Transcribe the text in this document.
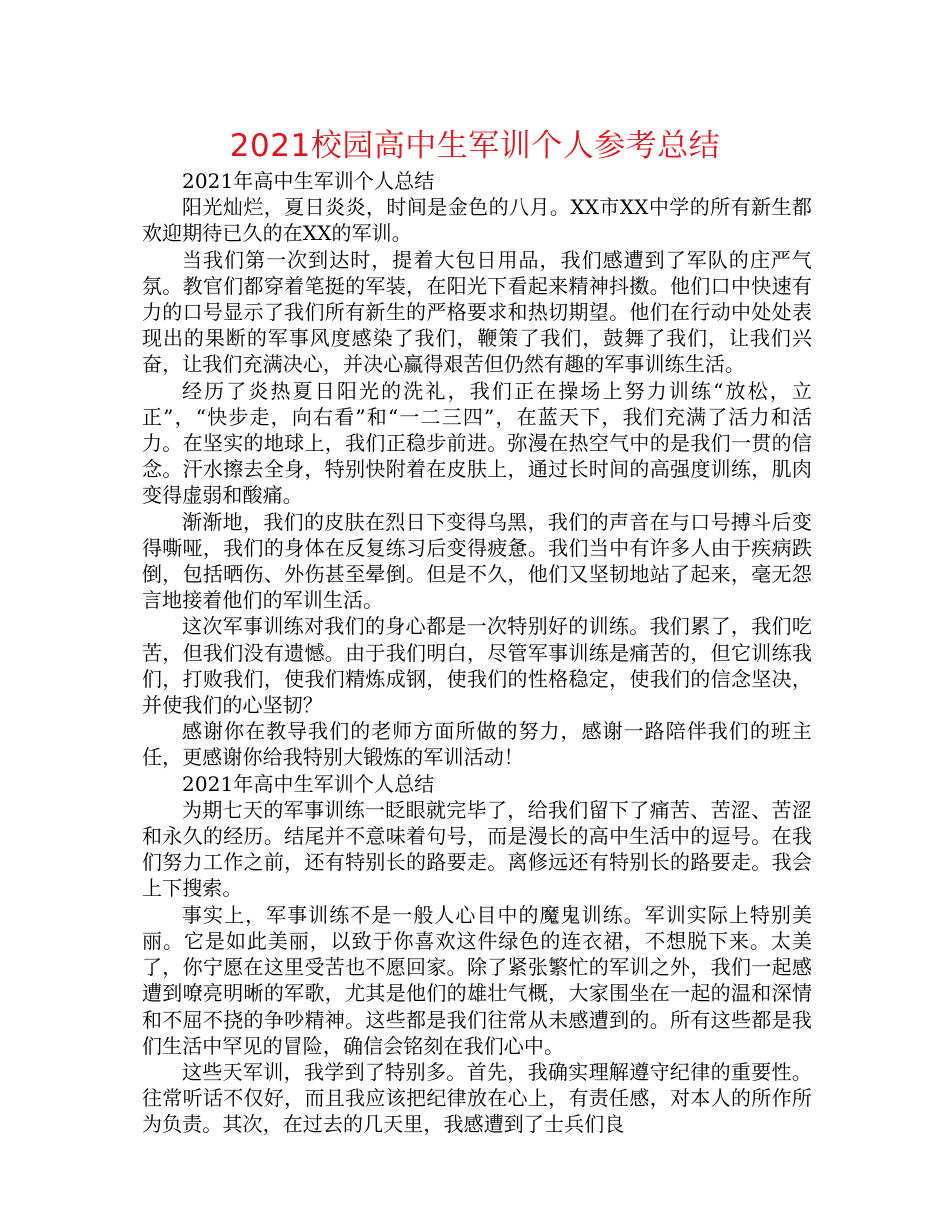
2021校园高中生军训个人参考总结

2021年高中生军训个人总结

阳光灿烂，夏日炎炎，时间是金色的八月。XX市XX中学的所有新生都欢迎期待已久的在XX的军训。

当我们第一次到达时，提着大包日用品，我们感遭到了军队的庄严气氛。教官们都穿着笔挺的军装，在阳光下看起来精神抖擞。他们口中快速有力的口号显示了我们所有新生的严格要求和热切期望。他们在行动中处处表现出的果断的军事风度感染了我们，鞭策了我们，鼓舞了我们，让我们兴奋，让我们充满决心，并决心赢得艰苦但仍然有趣的军事训练生活。

经历了炎热夏日阳光的洗礼，我们正在操场上努力训练“放松，立正”，“快步走，向右看”和“一二三四”，在蓝天下，我们充满了活力和活力。在坚实的地球上，我们正稳步前进。弥漫在热空气中的是我们一贯的信念。汗水擦去全身，特别快附着在皮肤上，通过长时间的高强度训练，肌肉变得虚弱和酸痛。

渐渐地，我们的皮肤在烈日下变得乌黑，我们的声音在与口号搏斗后变得嘶哑，我们的身体在反复练习后变得疲惫。我们当中有许多人由于疾病跌倒，包括晒伤、外伤甚至晕倒。但是不久，他们又坚韧地站了起来，毫无怨言地接着他们的军训生活。

这次军事训练对我们的身心都是一次特别好的训练。我们累了，我们吃苦，但我们没有遗憾。由于我们明白，尽管军事训练是痛苦的，但它训练我们，打败我们，使我们精炼成钢，使我们的性格稳定，使我们的信念坚决，并使我们的心坚韧？

感谢你在教导我们的老师方面所做的努力，感谢一路陪伴我们的班主任，更感谢你给我特别大锻炼的军训活动！

2021年高中生军训个人总结

为期七天的军事训练一眨眼就完毕了，给我们留下了痛苦、苦涩、苦涩和永久的经历。结尾并不意味着句号，而是漫长的高中生活中的逗号。在我们努力工作之前，还有特别长的路要走。离修远还有特别长的路要走。我会上下搜索。

事实上，军事训练不是一般人心目中的魔鬼训练。军训实际上特别美丽。它是如此美丽，以致于你喜欢这件绿色的连衣裙，不想脱下来。太美了，你宁愿在这里受苦也不愿回家。除了紧张繁忙的军训之外，我们一起感遭到嘹亮明晰的军歌，尤其是他们的雄壮气概，大家围坐在一起的温和深情和不屈不挠的争吵精神。这些都是我们往常从未感遭到的。所有这些都是我们生活中罕见的冒险，确信会铭刻在我们心中。

这些天军训，我学到了特别多。首先，我确实理解遵守纪律的重要性。往常听话不仅好，而且我应该把纪律放在心上，有责任感，对本人的所作所为负责。其次，在过去的几天里，我感遭到了士兵们良
